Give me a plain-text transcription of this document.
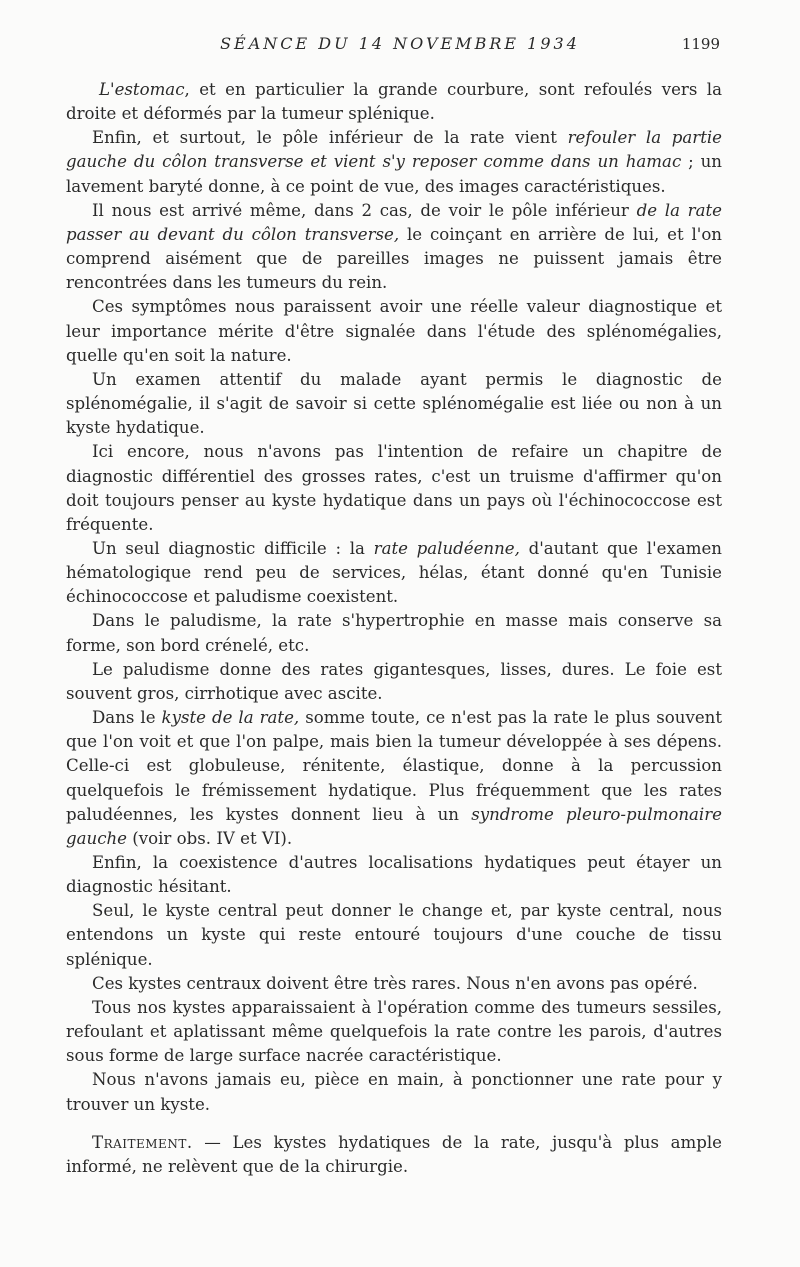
SÉANCE DU 14 NOVEMBRE 1934	1199

L'estomac, et en particulier la grande courbure, sont refoulés vers la droite et déformés par la tumeur splénique.

Enfin, et surtout, le pôle inférieur de la rate vient refouler la partie gauche du côlon transverse et vient s'y reposer comme dans un hamac ; un lavement baryté donne, à ce point de vue, des images caractéristiques.

Il nous est arrivé même, dans 2 cas, de voir le pôle inférieur de la rate passer au devant du côlon transverse, le coinçant en arrière de lui, et l'on comprend aisément que de pareilles images ne puissent jamais être rencontrées dans les tumeurs du rein.

Ces symptômes nous paraissent avoir une réelle valeur diagnostique et leur importance mérite d'être signalée dans l'étude des splénomégalies, quelle qu'en soit la nature.

Un examen attentif du malade ayant permis le diagnostic de splénomégalie, il s'agit de savoir si cette splénomégalie est liée ou non à un kyste hydatique.

Ici encore, nous n'avons pas l'intention de refaire un chapitre de diagnostic différentiel des grosses rates, c'est un truisme d'affirmer qu'on doit toujours penser au kyste hydatique dans un pays où l'échinococcose est fréquente.

Un seul diagnostic difficile : la rate paludéenne, d'autant que l'examen hématologique rend peu de services, hélas, étant donné qu'en Tunisie échinococcose et paludisme coexistent.

Dans le paludisme, la rate s'hypertrophie en masse mais conserve sa forme, son bord crénelé, etc.

Le paludisme donne des rates gigantesques, lisses, dures. Le foie est souvent gros, cirrhotique avec ascite.

Dans le kyste de la rate, somme toute, ce n'est pas la rate le plus souvent que l'on voit et que l'on palpe, mais bien la tumeur développée à ses dépens. Celle-ci est globuleuse, rénitente, élastique, donne à la percussion quelquefois le frémissement hydatique. Plus fréquemment que les rates paludéennes, les kystes donnent lieu à un syndrome pleuro-pulmonaire gauche (voir obs. IV et VI).

Enfin, la coexistence d'autres localisations hydatiques peut étayer un diagnostic hésitant.

Seul, le kyste central peut donner le change et, par kyste central, nous entendons un kyste qui reste entouré toujours d'une couche de tissu splénique.

Ces kystes centraux doivent être très rares. Nous n'en avons pas opéré.

Tous nos kystes apparaissaient à l'opération comme des tumeurs sessiles, refoulant et aplatissant même quelquefois la rate contre les parois, d'autres sous forme de large surface nacrée caractéristique.

Nous n'avons jamais eu, pièce en main, à ponctionner une rate pour y trouver un kyste.

Traitement. — Les kystes hydatiques de la rate, jusqu'à plus ample informé, ne relèvent que de la chirurgie.
